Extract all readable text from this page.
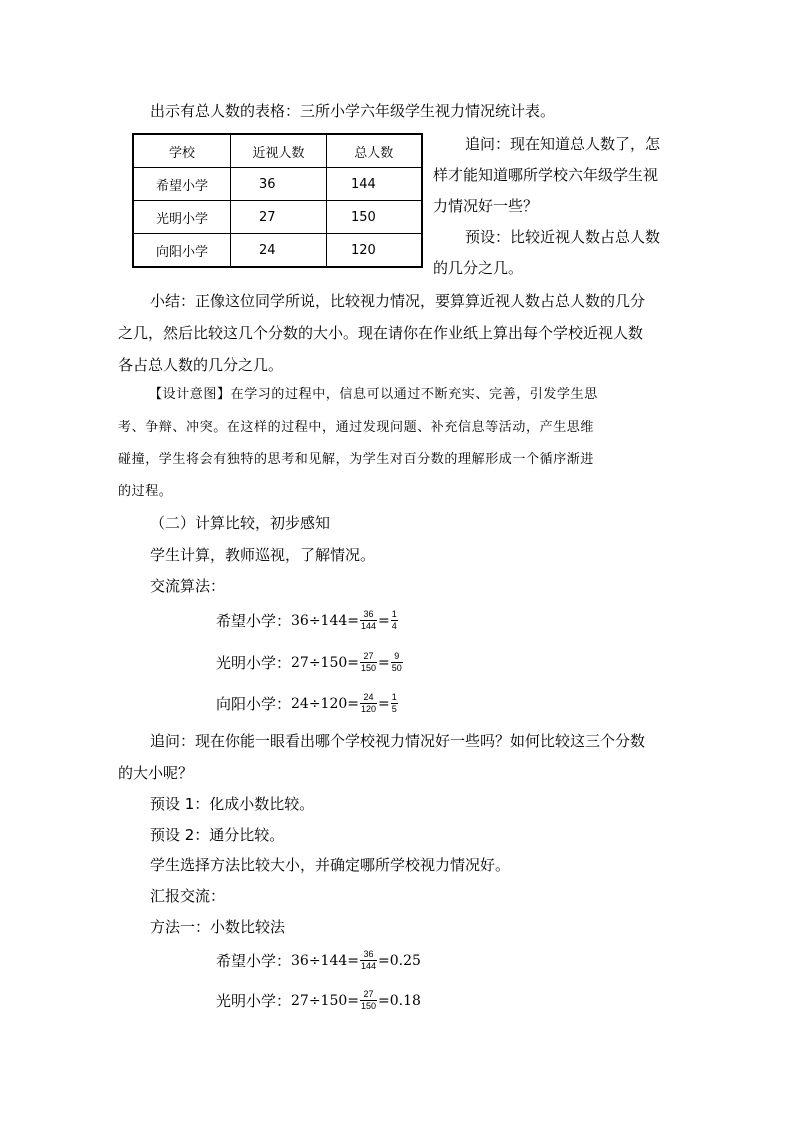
出示有总人数的表格：三所小学六年级学生视力情况统计表。
学校	近视人数	总人数
希望小学	36	144
光明小学	27	150
向阳小学	24	120
追问：现在知道总人数了，怎
样才能知道哪所学校六年级学生视
力情况好一些？
预设：比较近视人数占总人数
的几分之几。
小结：正像这位同学所说，比较视力情况，要算算近视人数占总人数的几分
之几，然后比较这几个分数的大小。现在请你在作业纸上算出每个学校近视人数
各占总人数的几分之几。
【设计意图】在学习的过程中，信息可以通过不断充实、完善，引发学生思
考、争辩、冲突。在这样的过程中，通过发现问题、补充信息等活动，产生思维
碰撞，学生将会有独特的思考和见解，为学生对百分数的理解形成一个循序渐进
的过程。
（二）计算比较，初步感知
学生计算，教师巡视，了解情况。
交流算法：
希望小学： $36\div 144= \frac{36}{144} = \frac{1}{4}$
光明小学： $27\div 150= \frac{27}{150} = \frac{9}{50}$
向阳小学： $24\div 120= \frac{24}{120} = \frac{1}{5}$
追问：现在你能一眼看出哪个学校视力情况好一些吗？如何比较这三个分数
的大小呢？
预设 1：化成小数比较。
预设 2：通分比较。
学生选择方法比较大小，并确定哪所学校视力情况好。
汇报交流：
方法一：小数比较法
希望小学： $36\div 144= \frac{36}{144} =0.25$
光明小学： $27\div 150= \frac{27}{150} =0.18$
